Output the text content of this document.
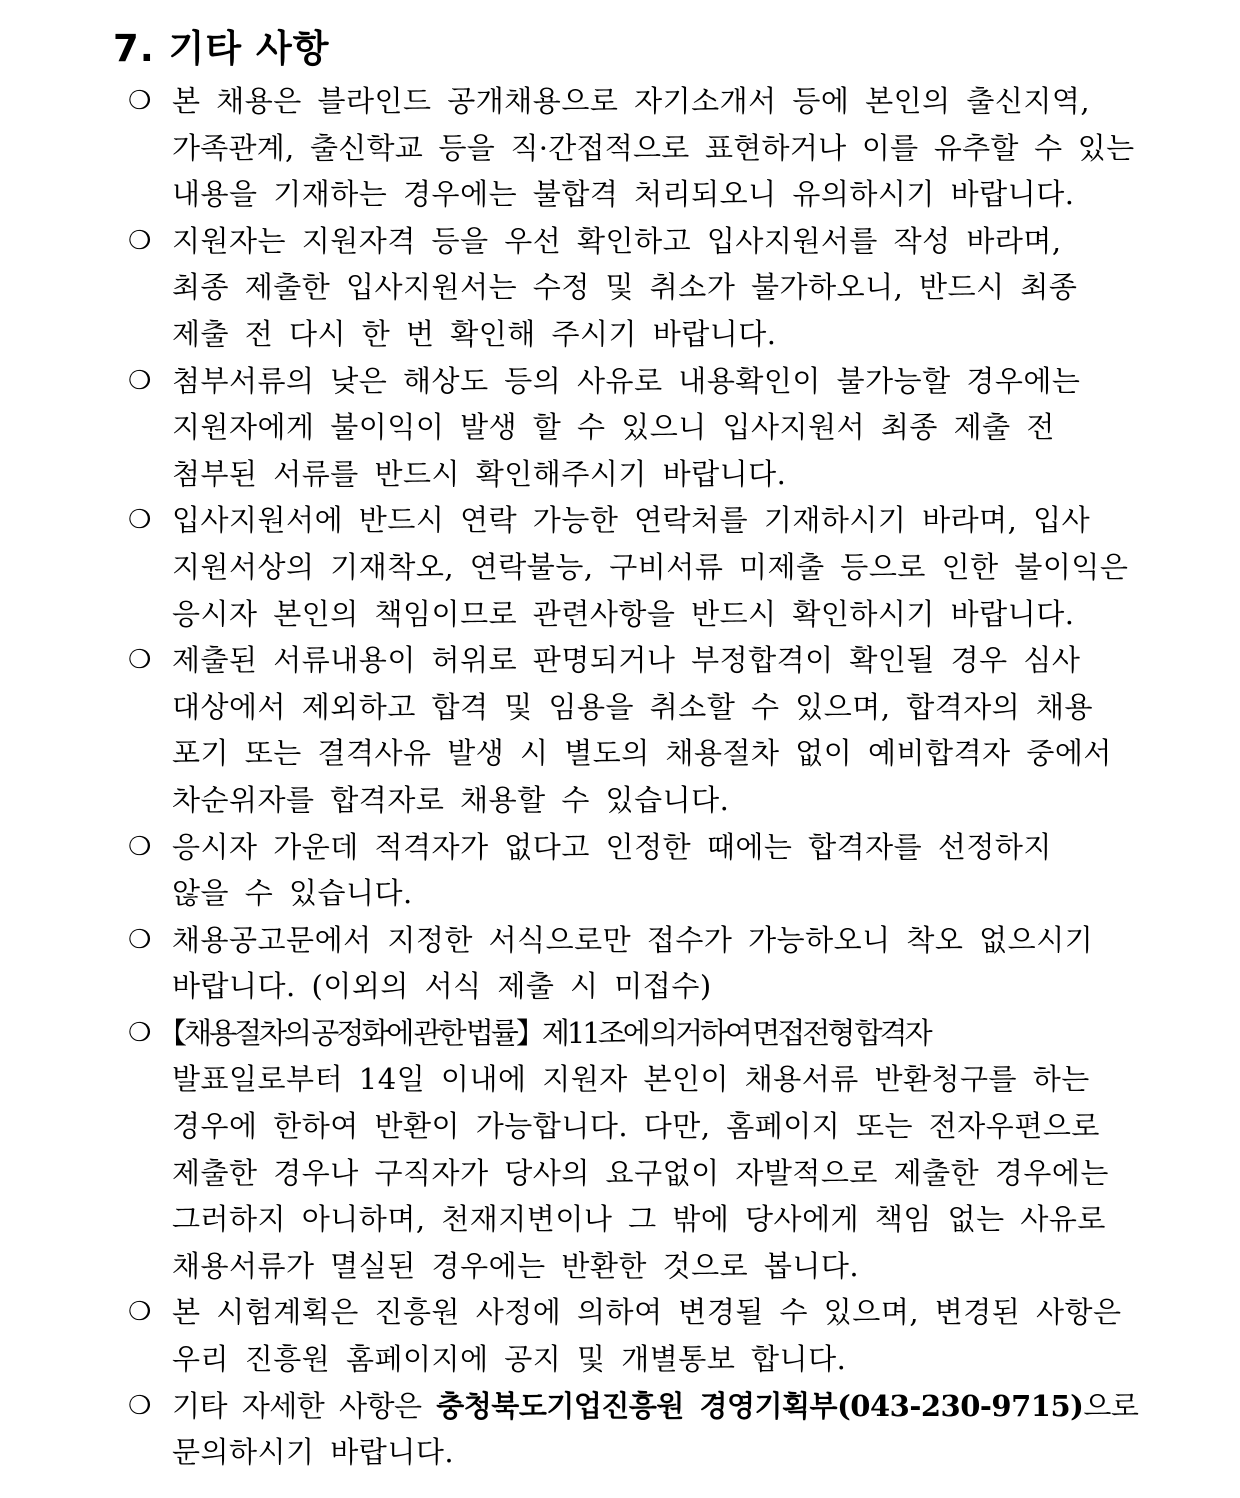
7. 기타 사항
❍ 본 채용은 블라인드 공개채용으로 자기소개서 등에 본인의 출신지역,
가족관계, 출신학교 등을 직·간접적으로 표현하거나 이를 유추할 수 있는
내용을 기재하는 경우에는 불합격 처리되오니 유의하시기 바랍니다.
❍ 지원자는 지원자격 등을 우선 확인하고 입사지원서를 작성 바라며,
최종 제출한 입사지원서는 수정 및 취소가 불가하오니, 반드시 최종
제출 전 다시 한 번 확인해 주시기 바랍니다.
❍ 첨부서류의 낮은 해상도 등의 사유로 내용확인이 불가능할 경우에는
지원자에게 불이익이 발생 할 수 있으니 입사지원서 최종 제출 전
첨부된 서류를 반드시 확인해주시기 바랍니다.
❍ 입사지원서에 반드시 연락 가능한 연락처를 기재하시기 바라며, 입사
지원서상의 기재착오, 연락불능, 구비서류 미제출 등으로 인한 불이익은
응시자 본인의 책임이므로 관련사항을 반드시 확인하시기 바랍니다.
❍ 제출된 서류내용이 허위로 판명되거나 부정합격이 확인될 경우 심사
대상에서 제외하고 합격 및 임용을 취소할 수 있으며, 합격자의 채용
포기 또는 결격사유 발생 시 별도의 채용절차 없이 예비합격자 중에서
차순위자를 합격자로 채용할 수 있습니다.
❍ 응시자 가운데 적격자가 없다고 인정한 때에는 합격자를 선정하지
않을 수 있습니다.
❍ 채용공고문에서 지정한 서식으로만 접수가 가능하오니 착오 없으시기
바랍니다. (이외의 서식 제출 시 미접수)
❍ 【채용절차의 공정화에 관한 법률】제11조에 의거하여 면접전형 합격자
발표일로부터 14일 이내에 지원자 본인이 채용서류 반환청구를 하는
경우에 한하여 반환이 가능합니다. 다만, 홈페이지 또는 전자우편으로
제출한 경우나 구직자가 당사의 요구없이 자발적으로 제출한 경우에는
그러하지 아니하며, 천재지변이나 그 밖에 당사에게 책임 없는 사유로
채용서류가 멸실된 경우에는 반환한 것으로 봅니다.
❍ 본 시험계획은 진흥원 사정에 의하여 변경될 수 있으며, 변경된 사항은
우리 진흥원 홈페이지에 공지 및 개별통보 합니다.
❍ 기타 자세한 사항은 충청북도기업진흥원 경영기획부(043-230-9715)으로
문의하시기 바랍니다.
